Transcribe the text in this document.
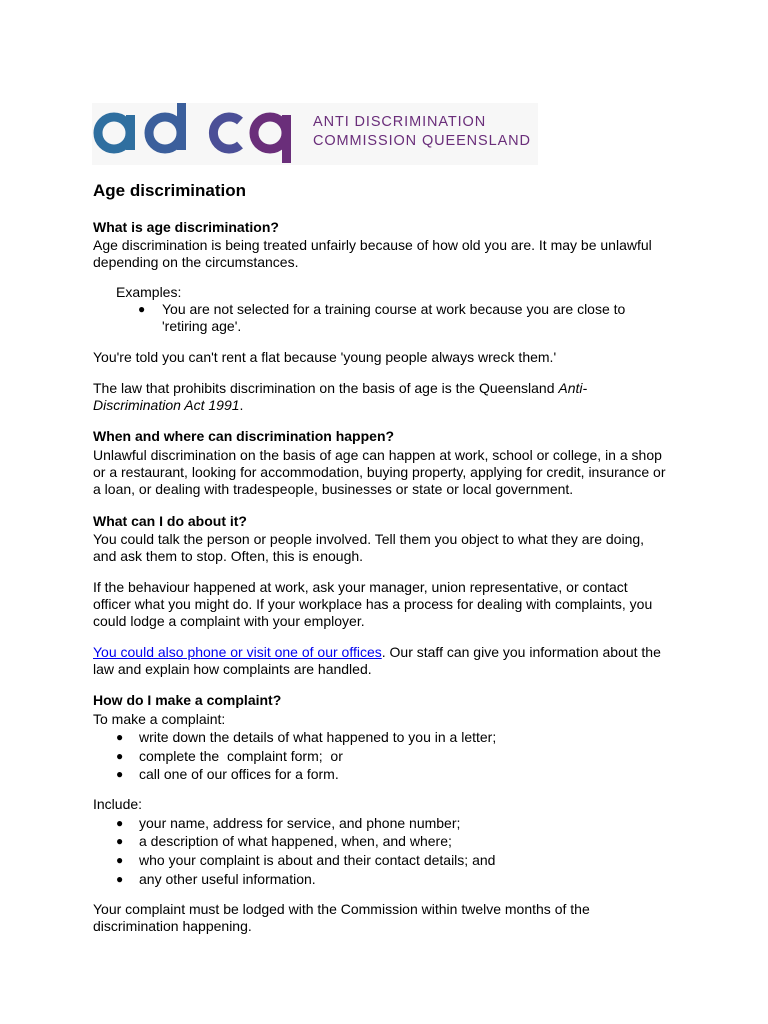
ANTI DISCRIMINATION
COMMISSION QUEENSLAND
Age discrimination
What is age discrimination?

Age discrimination is being treated unfairly because of how old you are. It may be unlawful

depending on the circumstances.

Examples:

● You are not selected for a training course at work because you are close to

'retiring age'.

You're told you can't rent a flat because 'young people always wreck them.'

The law that prohibits discrimination on the basis of age is the Queensland Anti-

Discrimination Act 1991.

When and where can discrimination happen?

Unlawful discrimination on the basis of age can happen at work, school or college, in a shop

or a restaurant, looking for accommodation, buying property, applying for credit, insurance or

a loan, or dealing with tradespeople, businesses or state or local government.

What can I do about it?

You could talk the person or people involved. Tell them you object to what they are doing,

and ask them to stop. Often, this is enough.

If the behaviour happened at work, ask your manager, union representative, or contact

officer what you might do. If your workplace has a process for dealing with complaints, you

could lodge a complaint with your employer.

You could also phone or visit one of our offices. Our staff can give you information about the

law and explain how complaints are handled.

How do I make a complaint?

To make a complaint:

● write down the details of what happened to you in a letter;

● complete the  complaint form;  or

● call one of our offices for a form.

Include:

● your name, address for service, and phone number;

● a description of what happened, when, and where;

● who your complaint is about and their contact details; and

● any other useful information.

Your complaint must be lodged with the Commission within twelve months of the

discrimination happening.
